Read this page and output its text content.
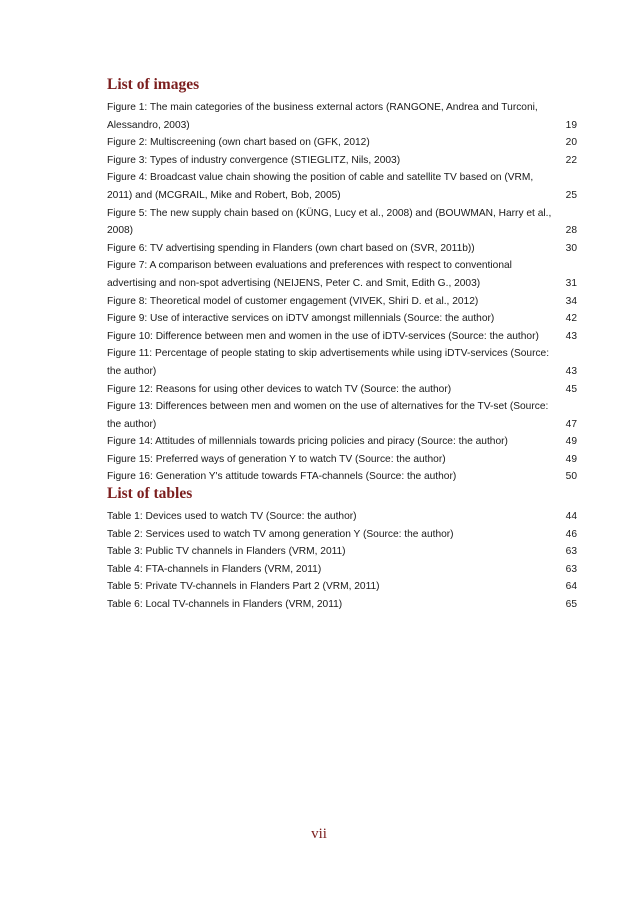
List of images
Figure 1: The main categories of the business external actors (RANGONE, Andrea and Turconi,
Alessandro, 2003)	19
Figure 2: Multiscreening (own chart based on (GFK, 2012)	20
Figure 3: Types of industry convergence (STIEGLITZ, Nils, 2003)	22
Figure 4: Broadcast value chain showing the position of cable and satellite TV based on (VRM,
2011) and (MCGRAIL, Mike and Robert, Bob, 2005)	25
Figure 5: The new supply chain based on (KÜNG, Lucy et al., 2008) and (BOUWMAN, Harry et al.,
2008)	28
Figure 6: TV advertising spending in Flanders (own chart based on (SVR, 2011b))	30
Figure 7: A comparison between evaluations and preferences with respect to conventional
advertising and non-spot advertising (NEIJENS, Peter C. and Smit, Edith G., 2003)	31
Figure 8: Theoretical model of customer engagement (VIVEK, Shiri D. et al., 2012)	34
Figure 9: Use of interactive services on iDTV amongst millennials (Source: the author)	42
Figure 10: Difference between men and women in the use of iDTV-services (Source: the author)	43
Figure 11: Percentage of people stating to skip advertisements while using iDTV-services (Source:
the author)	43
Figure 12: Reasons for using other devices to watch TV (Source: the author)	45
Figure 13: Differences between men and women on the use of alternatives for the TV-set (Source:
the author)	47
Figure 14: Attitudes of millennials towards pricing policies and piracy (Source: the author)	49
Figure 15: Preferred ways of generation Y to watch TV (Source: the author)	49
Figure 16: Generation Y's attitude towards FTA-channels (Source: the author)	50
List of tables
Table 1: Devices used to watch TV (Source: the author)	44
Table 2: Services used to watch TV among generation Y (Source: the author)	46
Table 3: Public TV channels in Flanders (VRM, 2011)	63
Table 4: FTA-channels in Flanders (VRM, 2011)	63
Table 5: Private TV-channels in Flanders Part 2 (VRM, 2011)	64
Table 6: Local TV-channels in Flanders (VRM, 2011)	65
vii
